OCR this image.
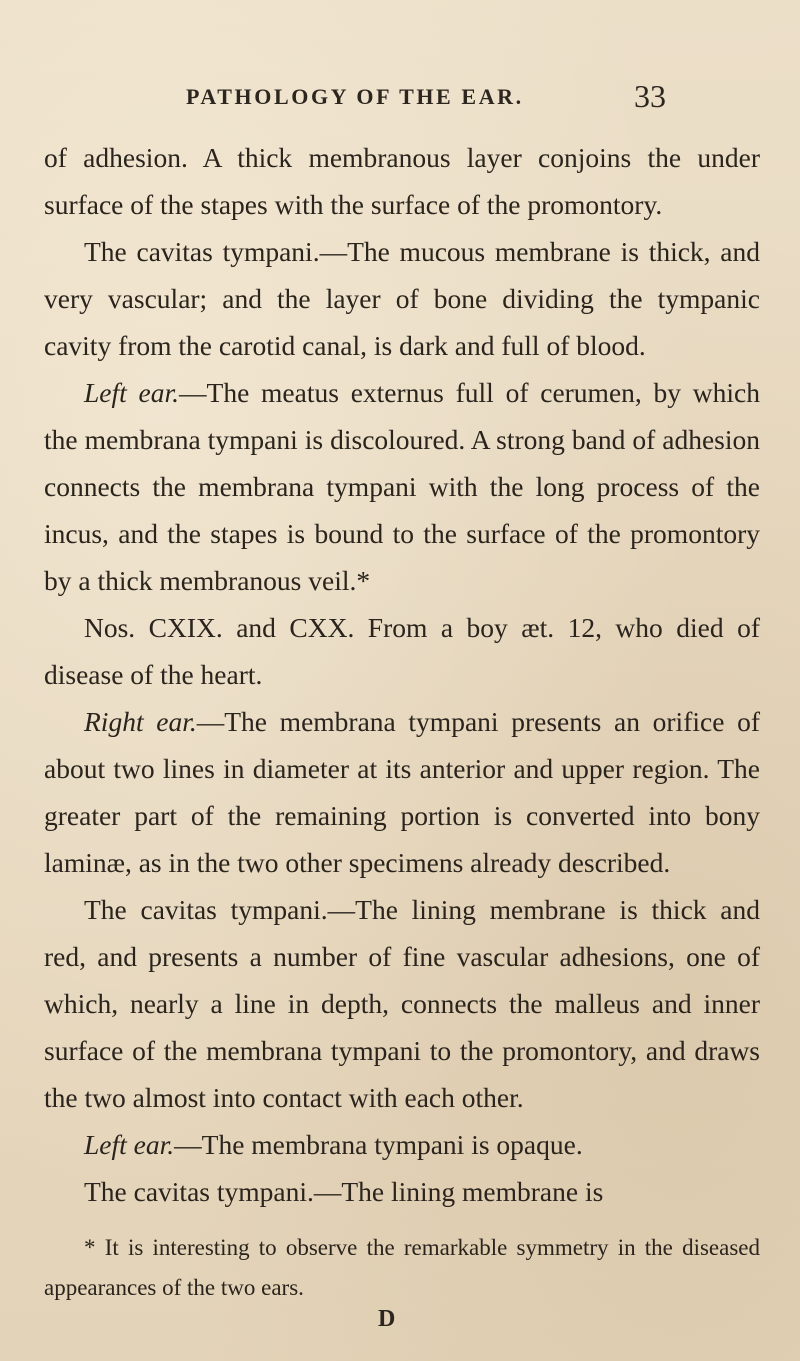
PATHOLOGY OF THE EAR.	33

of adhesion. A thick membranous layer conjoins the under surface of the stapes with the surface of the promontory.

The cavitas tympani.—The mucous membrane is thick, and very vascular; and the layer of bone dividing the tympanic cavity from the carotid canal, is dark and full of blood.

Left ear.—The meatus externus full of cerumen, by which the membrana tympani is discoloured. A strong band of adhesion connects the membrana tympani with the long process of the incus, and the stapes is bound to the surface of the promontory by a thick membranous veil.*

Nos. CXIX. and CXX. From a boy æt. 12, who died of disease of the heart.

Right ear.—The membrana tympani presents an orifice of about two lines in diameter at its anterior and upper region. The greater part of the remaining portion is converted into bony laminæ, as in the two other specimens already described.

The cavitas tympani.—The lining membrane is thick and red, and presents a number of fine vascular adhesions, one of which, nearly a line in depth, connects the malleus and inner surface of the membrana tympani to the promontory, and draws the two almost into contact with each other.

Left ear.—The membrana tympani is opaque.

The cavitas tympani.—The lining membrane is

* It is interesting to observe the remarkable symmetry in the diseased appearances of the two ears.

D
